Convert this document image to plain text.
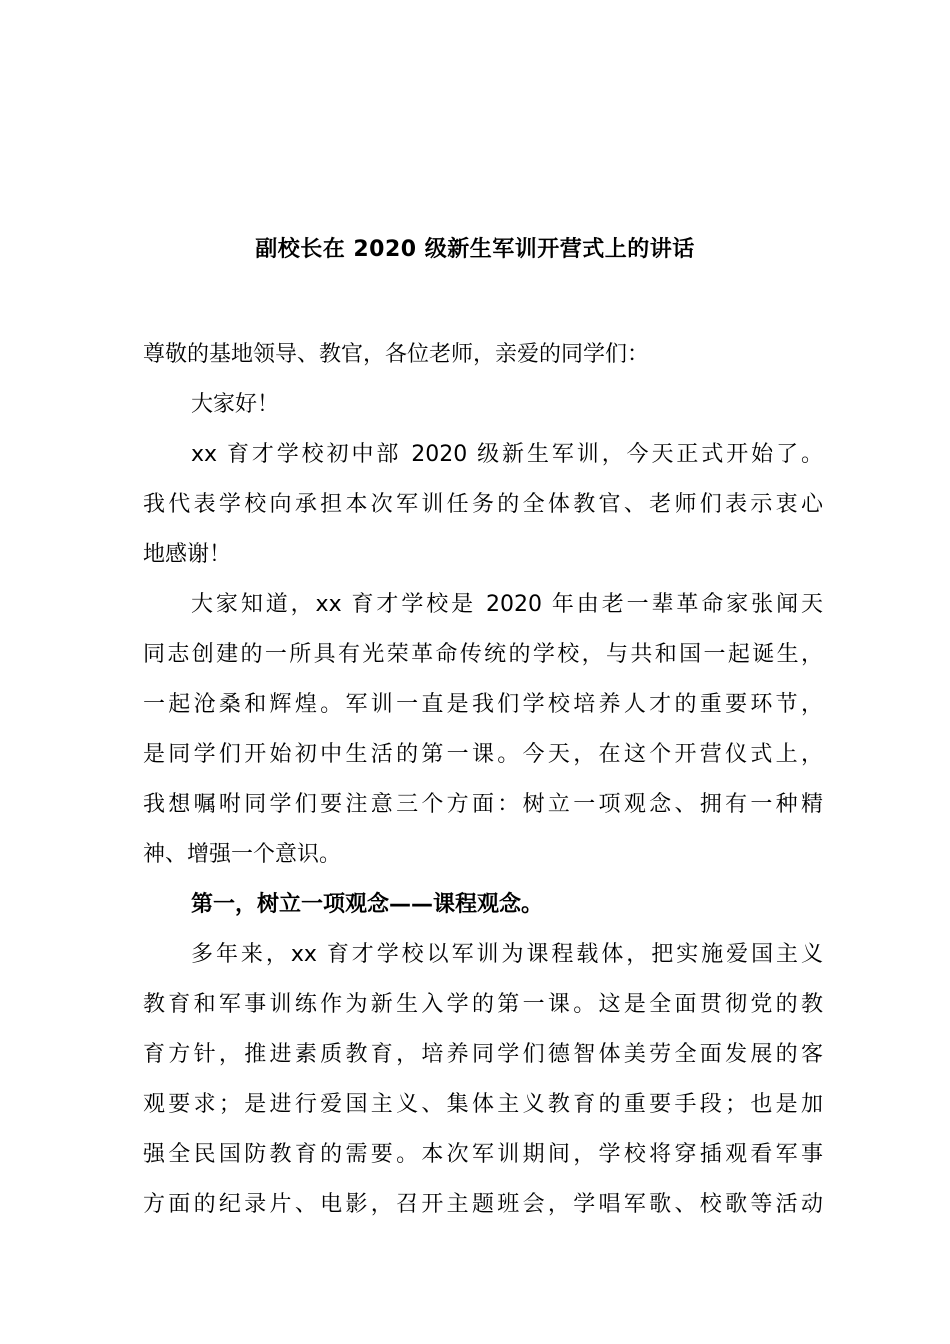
副校长在 2020 级新生军训开营式上的讲话
尊敬的基地领导、教官，各位老师，亲爱的同学们：
大家好！
xx 育才学校初中部 2020 级新生军训，今天正式开始了。
我代表学校向承担本次军训任务的全体教官、老师们表示衷心
地感谢！
大家知道，xx 育才学校是 2020 年由老一辈革命家张闻天
同志创建的一所具有光荣革命传统的学校，与共和国一起诞生，
一起沧桑和辉煌。军训一直是我们学校培养人才的重要环节，
是同学们开始初中生活的第一课。今天，在这个开营仪式上，
我想嘱咐同学们要注意三个方面：树立一项观念、拥有一种精
神、增强一个意识。
第一，树立一项观念——课程观念。
多年来，xx 育才学校以军训为课程载体，把实施爱国主义
教育和军事训练作为新生入学的第一课。这是全面贯彻党的教
育方针，推进素质教育，培养同学们德智体美劳全面发展的客
观要求；是进行爱国主义、集体主义教育的重要手段；也是加
强全民国防教育的需要。本次军训期间，学校将穿插观看军事
方面的纪录片、电影，召开主题班会，学唱军歌、校歌等活动
